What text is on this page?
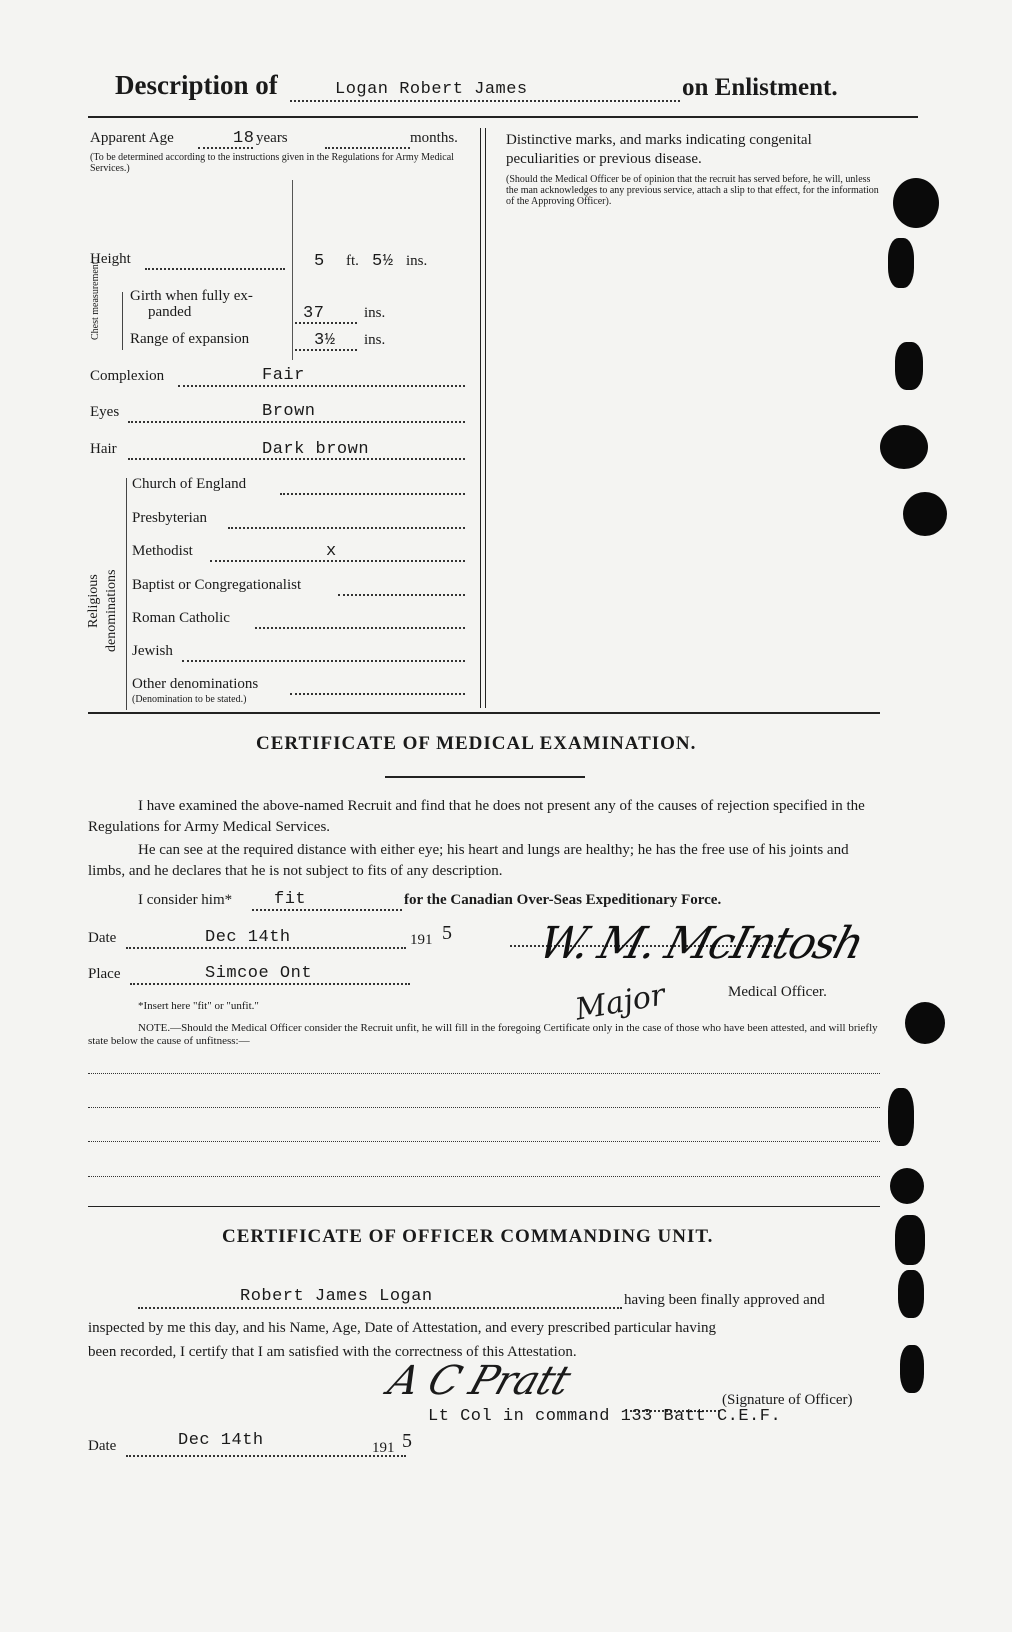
Description of	Logan Robert James	on Enlistment.
Apparent Age	18 years	months.
(To be determined according to the instructions given in the Regulations for Army Medical Services.)
Height	5 ft. 5½ ins.
Chest measurement. Girth when fully ex-
panded	37	ins.
Range of expansion	3½ ins.
Complexion	Fair
Eyes	Brown
Hair	Dark brown
Religious denominations
Church of England
Presbyterian
Methodist	x
Baptist or Congregationalist
Roman Catholic
Jewish
Other denominations
(Denomination to be stated.)
Distinctive marks, and marks indicating congenital peculiarities or previous disease.
(Should the Medical Officer be of opinion that the recruit has served before, he will, unless the man acknowledges to any previous service, attach a slip to that effect, for the information of the Approving Officer).
CERTIFICATE OF MEDICAL EXAMINATION.
I have examined the above-named Recruit and find that he does not present any of the causes of rejection specified in the Regulations for Army Medical Services.
He can see at the required distance with either eye; his heart and lungs are healthy; he has the free use of his joints and limbs, and he declares that he is not subject to fits of any description.
I consider him* fit	for the Canadian Over-Seas Expeditionary Force.
Date	Dec 14th	191 5
Place	Simcoe Ont
*Insert here "fit" or "unfit."
W. M. McIntosh
Major	Medical Officer.
NOTE.—Should the Medical Officer consider the Recruit unfit, he will fill in the foregoing Certificate only in the case of those who have been attested, and will briefly state below the cause of unfitness:—
CERTIFICATE OF OFFICER COMMANDING UNIT.
Robert James Logan	having been finally approved and
inspected by me this day, and his Name, Age, Date of Attestation, and every prescribed particular having
been recorded, I certify that I am satisfied with the correctness of this Attestation.
A C Pratt	(Signature of Officer)
Lt Col in command 133 Batt C.E.F.
Date	Dec 14th	191 5
